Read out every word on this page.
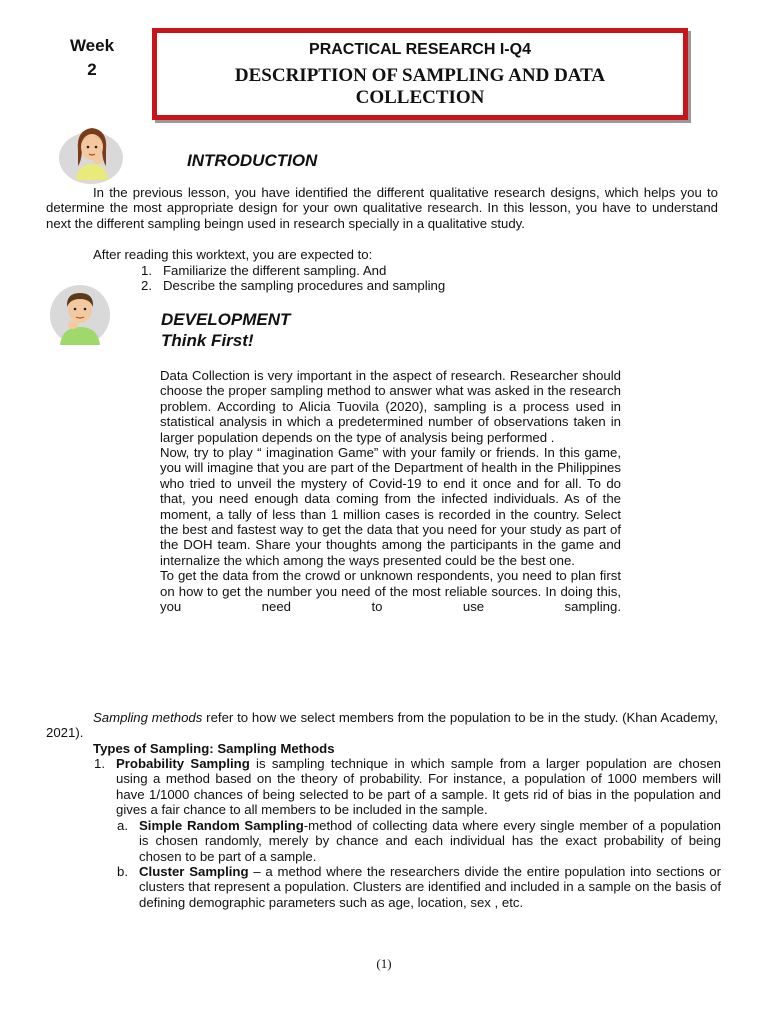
Week
2
PRACTICAL RESEARCH I-Q4
DESCRIPTION OF SAMPLING AND DATA
COLLECTION
INTRODUCTION

In the previous lesson, you have identified the different qualitative research designs, which helps you to determine the most appropriate design for your own qualitative research. In this lesson, you have to understand next the different sampling beingn used in research specially in a qualitative study.

After reading this worktext, you are expected to:

1. Familiarize the different sampling. And
2. Describe the sampling procedures and sampling
DEVELOPMENT
Think First!

Data Collection is very important in the aspect of research. Researcher should choose the proper sampling method to answer what was asked in the research problem. According to Alicia Tuovila (2020), sampling is a process used in statistical analysis in which a predetermined number of observations taken in larger population depends on the type of analysis being performed .

Now, try to play “ imagination Game” with your family or friends. In this game, you will imagine that you are part of the Department of health in the Philippines who tried to unveil the mystery of Covid-19 to end it once and for all. To do that, you need enough data coming from the infected individuals. As of the moment, a tally of less than 1 million cases is recorded in the country. Select the best and fastest way to get the data that you need for your study as part of the DOH team. Share your thoughts among the participants in the game and internalize the which among the ways presented could be the best one.

To get the data from the crowd or unknown respondents, you need to plan first on how to get the number you need of the most reliable sources. In doing this, you need to use sampling.

Sampling methods refer to how we select members from the population to be in the study. (Khan Academy, 2021).

Types of Sampling: Sampling Methods

1. Probability Sampling is sampling technique in which sample from a larger population are chosen using a method based on the theory of probability. For instance, a population of 1000 members will have 1/1000 chances of being selected to be part of a sample. It gets rid of bias in the population and gives a fair chance to all members to be included in the sample.
a. Simple Random Sampling-method of collecting data where every single member of a population is chosen randomly, merely by chance and each individual has the exact probability of being chosen to be part of a sample.
b. Cluster Sampling – a method where the researchers divide the entire population into sections or clusters that represent a population. Clusters are identified and included in a sample on the basis of defining demographic parameters such as age, location, sex , etc.
(1)
